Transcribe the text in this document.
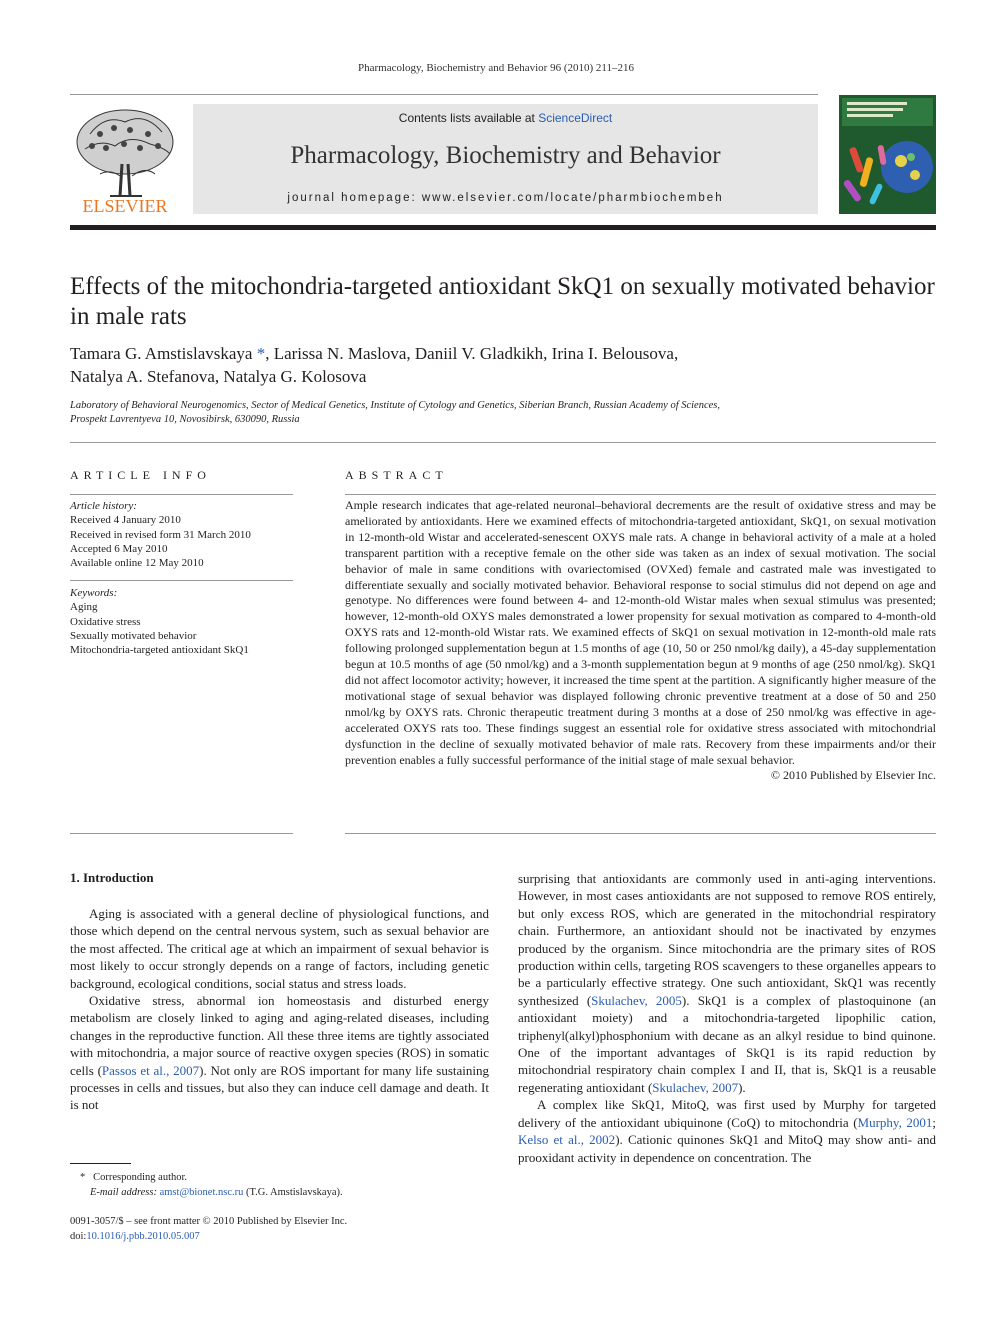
Pharmacology, Biochemistry and Behavior 96 (2010) 211–216
ELSEVIER
Contents lists available at ScienceDirect
Pharmacology, Biochemistry and Behavior
journal homepage: www.elsevier.com/locate/pharmbiochembeh
Effects of the mitochondria-targeted antioxidant SkQ1 on sexually motivated behavior in male rats
Tamara G. Amstislavskaya *, Larissa N. Maslova, Daniil V. Gladkikh, Irina I. Belousova,
Natalya A. Stefanova, Natalya G. Kolosova
Laboratory of Behavioral Neurogenomics, Sector of Medical Genetics, Institute of Cytology and Genetics, Siberian Branch, Russian Academy of Sciences,
Prospekt Lavrentyeva 10, Novosibirsk, 630090, Russia
ARTICLE INFO	ABSTRACT
Article history:
Received 4 January 2010
Received in revised form 31 March 2010
Accepted 6 May 2010
Available online 12 May 2010
Keywords:
Aging
Oxidative stress
Sexually motivated behavior
Mitochondria-targeted antioxidant SkQ1
Ample research indicates that age-related neuronal–behavioral decrements are the result of oxidative stress and may be ameliorated by antioxidants. Here we examined effects of mitochondria-targeted antioxidant, SkQ1, on sexual motivation in 12-month-old Wistar and accelerated-senescent OXYS male rats. A change in behavioral activity of a male at a holed transparent partition with a receptive female on the other side was taken as an index of sexual motivation. The social behavior of male in same conditions with ovariectomised (OVXed) female and castrated male was investigated to differentiate sexually and socially motivated behavior. Behavioral response to social stimulus did not depend on age and genotype. No differences were found between 4- and 12-month-old Wistar males when sexual stimulus was presented; however, 12-month-old OXYS males demonstrated a lower propensity for sexual motivation as compared to 4-month-old OXYS rats and 12-month-old Wistar rats. We examined effects of SkQ1 on sexual motivation in 12-month-old male rats following prolonged supplementation begun at 1.5 months of age (10, 50 or 250 nmol/kg daily), a 45-day supplementation begun at 10.5 months of age (50 nmol/kg) and a 3-month supplementation begun at 9 months of age (250 nmol/kg). SkQ1 did not affect locomotor activity; however, it increased the time spent at the partition. A significantly higher measure of the motivational stage of sexual behavior was displayed following chronic preventive treatment at a dose of 50 and 250 nmol/kg by OXYS rats. Chronic therapeutic treatment during 3 months at a dose of 250 nmol/kg was effective in age-accelerated OXYS rats too. These findings suggest an essential role for oxidative stress associated with mitochondrial dysfunction in the decline of sexually motivated behavior of male rats. Recovery from these impairments and/or their prevention enables a fully successful performance of the initial stage of male sexual behavior.
© 2010 Published by Elsevier Inc.
1. Introduction

Aging is associated with a general decline of physiological functions, and those which depend on the central nervous system, such as sexual behavior are the most affected. The critical age at which an impairment of sexual behavior is most likely to occur strongly depends on a range of factors, including genetic background, ecological conditions, social status and stress loads.

Oxidative stress, abnormal ion homeostasis and disturbed energy metabolism are closely linked to aging and aging-related diseases, including changes in the reproductive function. All these three items are tightly associated with mitochondria, a major source of reactive oxygen species (ROS) in somatic cells (Passos et al., 2007). Not only are ROS important for many life sustaining processes in cells and tissues, but also they can induce cell damage and death. It is not

surprising that antioxidants are commonly used in anti-aging interventions. However, in most cases antioxidants are not supposed to remove ROS entirely, but only excess ROS, which are generated in the mitochondrial respiratory chain. Furthermore, an antioxidant should not be inactivated by enzymes produced by the organism. Since mitochondria are the primary sites of ROS production within cells, targeting ROS scavengers to these organelles appears to be a particularly effective strategy. One such antioxidant, SkQ1 was recently synthesized (Skulachev, 2005). SkQ1 is a complex of plastoquinone (an antioxidant moiety) and a mitochondria-targeted lipophilic cation, triphenyl(alkyl)phosphonium with decane as an alkyl residue to bind quinone. One of the important advantages of SkQ1 is its rapid reduction by mitochondrial respiratory chain complex I and II, that is, SkQ1 is a reusable regenerating antioxidant (Skulachev, 2007).

A complex like SkQ1, MitoQ, was first used by Murphy for targeted delivery of the antioxidant ubiquinone (CoQ) to mitochondria (Murphy, 2001; Kelso et al., 2002). Cationic quinones SkQ1 and MitoQ may show anti- and prooxidant activity in dependence on concentration. The

* Corresponding author.
E-mail address: amst@bionet.nsc.ru (T.G. Amstislavskaya).
0091-3057/$ – see front matter © 2010 Published by Elsevier Inc.
doi:10.1016/j.pbb.2010.05.007
